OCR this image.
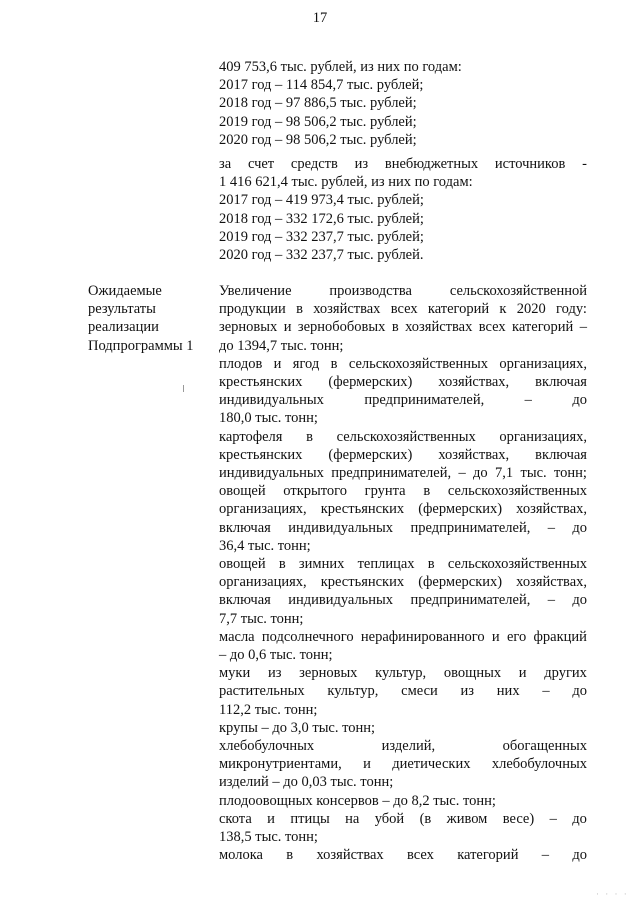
17
409 753,6 тыс. рублей, из них по годам:
2017 год – 114 854,7 тыс. рублей;
2018 год – 97 886,5 тыс. рублей;
2019 год – 98 506,2 тыс. рублей;
2020 год – 98 506,2 тыс. рублей;
за счет средств из внебюджетных источников -
1 416 621,4 тыс. рублей, из них по годам:
2017 год – 419 973,4 тыс. рублей;
2018 год – 332 172,6 тыс. рублей;
2019 год – 332 237,7 тыс. рублей;
2020 год – 332 237,7 тыс. рублей.
Ожидаемые
результаты
реализации
Подпрограммы 1
Увеличение	производства	сельскохозяйственной
продукции в хозяйствах всех категорий к 2020 году:
зерновых и зернобобовых в хозяйствах всех категорий –
до 1394,7 тыс. тонн;
плодов и ягод в сельскохозяйственных организациях,
крестьянских (фермерских) хозяйствах, включая
индивидуальных	предпринимателей,	–	до
180,0 тыс. тонн;
картофеля в сельскохозяйственных организациях,
крестьянских (фермерских) хозяйствах, включая
индивидуальных предпринимателей, – до 7,1 тыс. тонн;
овощей открытого грунта в сельскохозяйственных
организациях, крестьянских (фермерских) хозяйствах,
включая индивидуальных предпринимателей, – до
36,4 тыс. тонн;
овощей в зимних теплицах в сельскохозяйственных
организациях, крестьянских (фермерских) хозяйствах,
включая индивидуальных предпринимателей, – до
7,7 тыс. тонн;
масла подсолнечного нерафинированного и его фракций
– до 0,6 тыс. тонн;
муки из зерновых культур, овощных и других
растительных культур, смеси из них – до
112,2 тыс. тонн;
крупы – до 3,0 тыс. тонн;
хлебобулочных	изделий,	обогащенных
микронутриентами, и диетических хлебобулочных
изделий – до 0,03 тыс. тонн;
плодоовощных консервов – до 8,2 тыс. тонн;
скота и птицы на убой (в живом весе) – до
138,5 тыс. тонн;
молока в хозяйствах всех категорий – до
· · · ·
